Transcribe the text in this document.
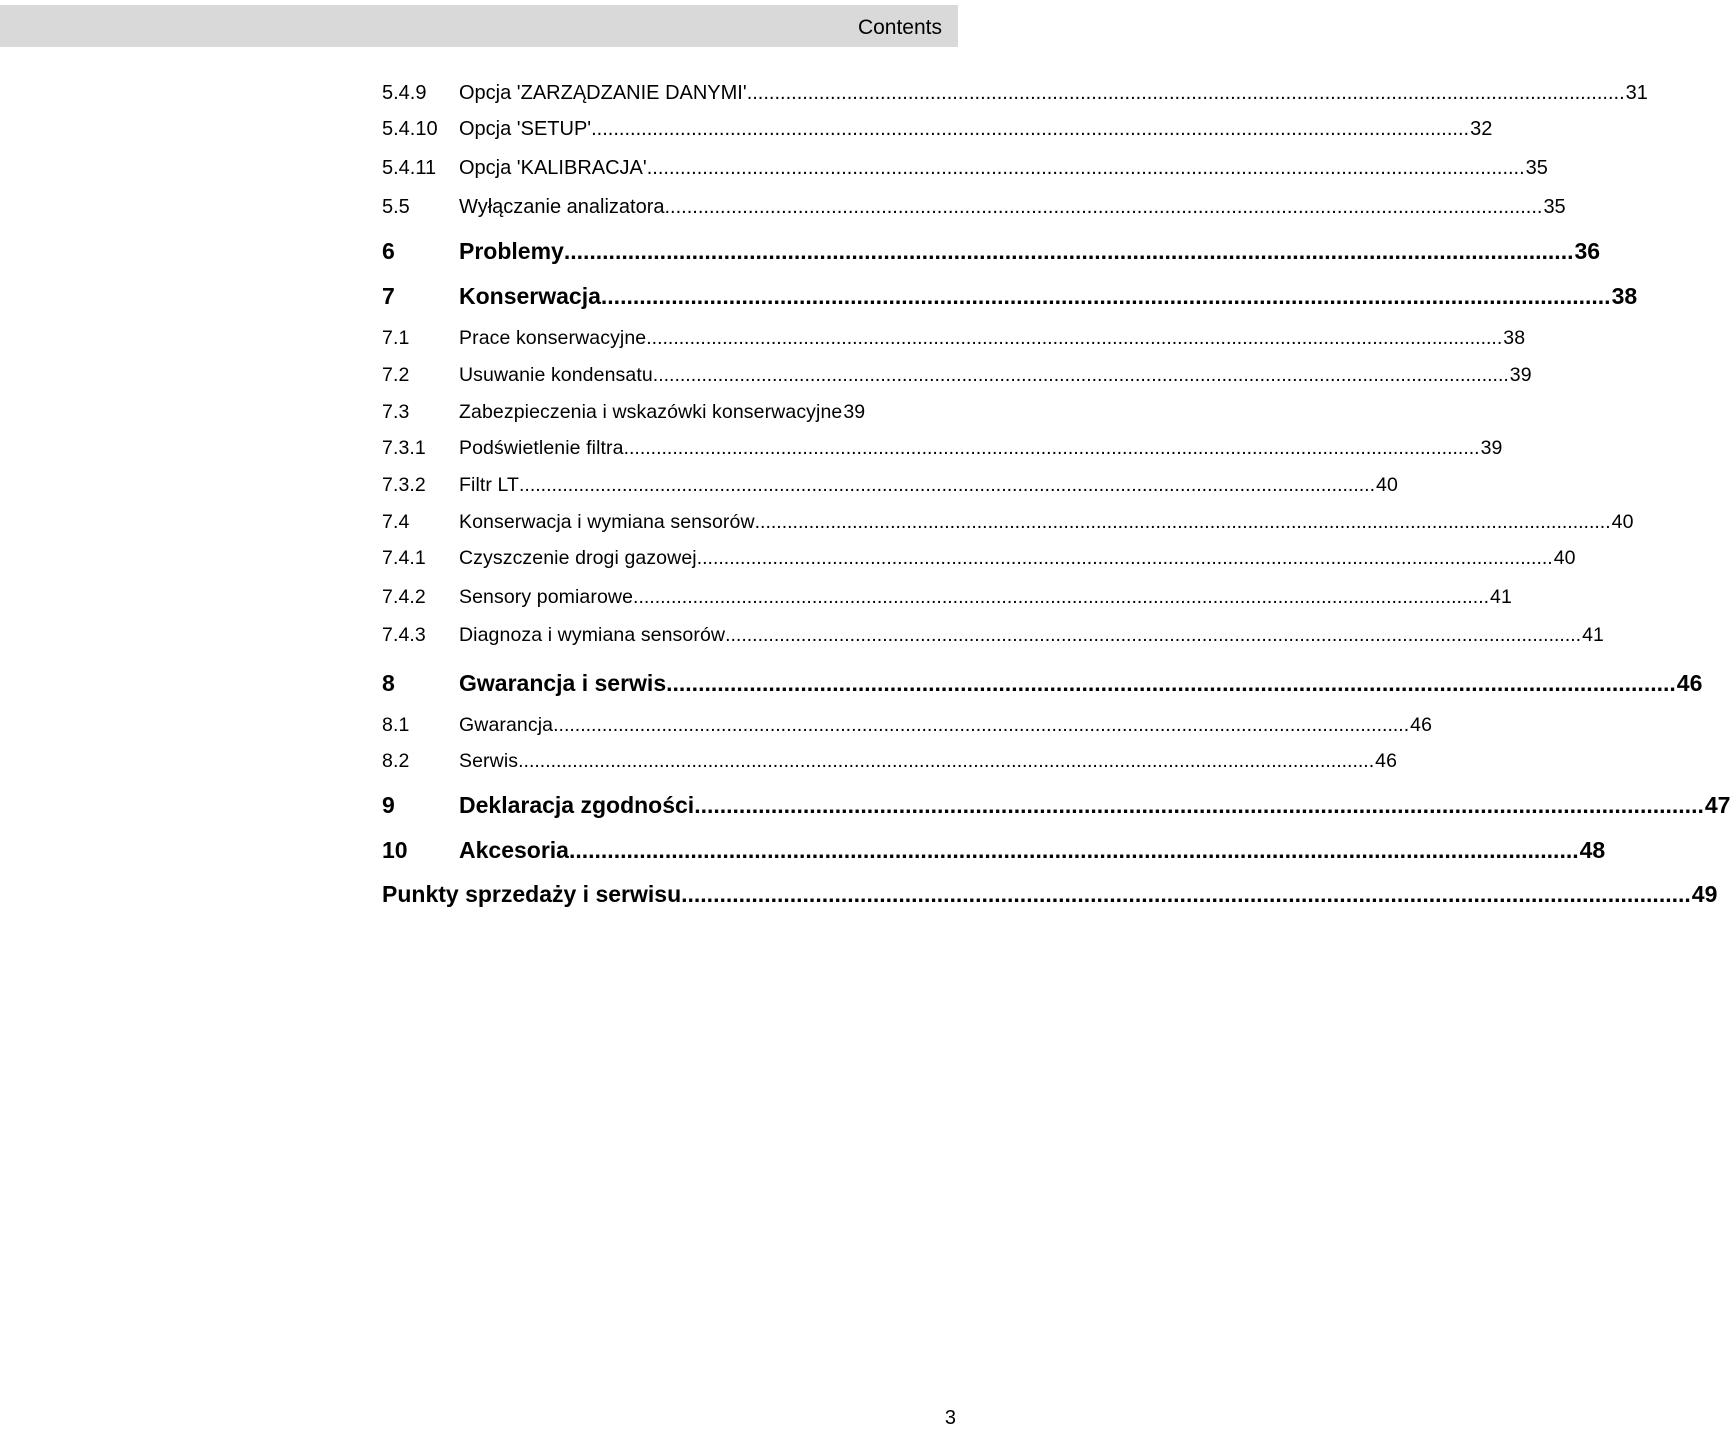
Contents
5.4.9	Opcja 'ZARZĄDZANIE DANYMI' .....	31
5.4.10	Opcja 'SETUP' .....	32
5.4.11	Opcja 'KALIBRACJA' .....	35
5.5	Wyłączanie analizatora .....	35
6	Problemy .....	36
7	Konserwacja .....	38
7.1	Prace konserwacyjne .....	38
7.2	Usuwanie kondensatu .....	39
7.3	Zabezpieczenia i wskazówki konserwacyjne 39
7.3.1	Podświetlenie filtra .....	39
7.3.2	Filtr LT .....	40
7.4	Konserwacja i wymiana sensorów .....	40
7.4.1	Czyszczenie drogi gazowej .....	40
7.4.2	Sensory pomiarowe .....	41
7.4.3	Diagnoza i wymiana sensorów .....	41
8	Gwarancja i serwis .....	46
8.1	Gwarancja .....	46
8.2	Serwis .....	46
9	Deklaracja zgodności .....	47
10	Akcesoria .....	48
Punkty sprzedaży i serwisu .....	49
3
